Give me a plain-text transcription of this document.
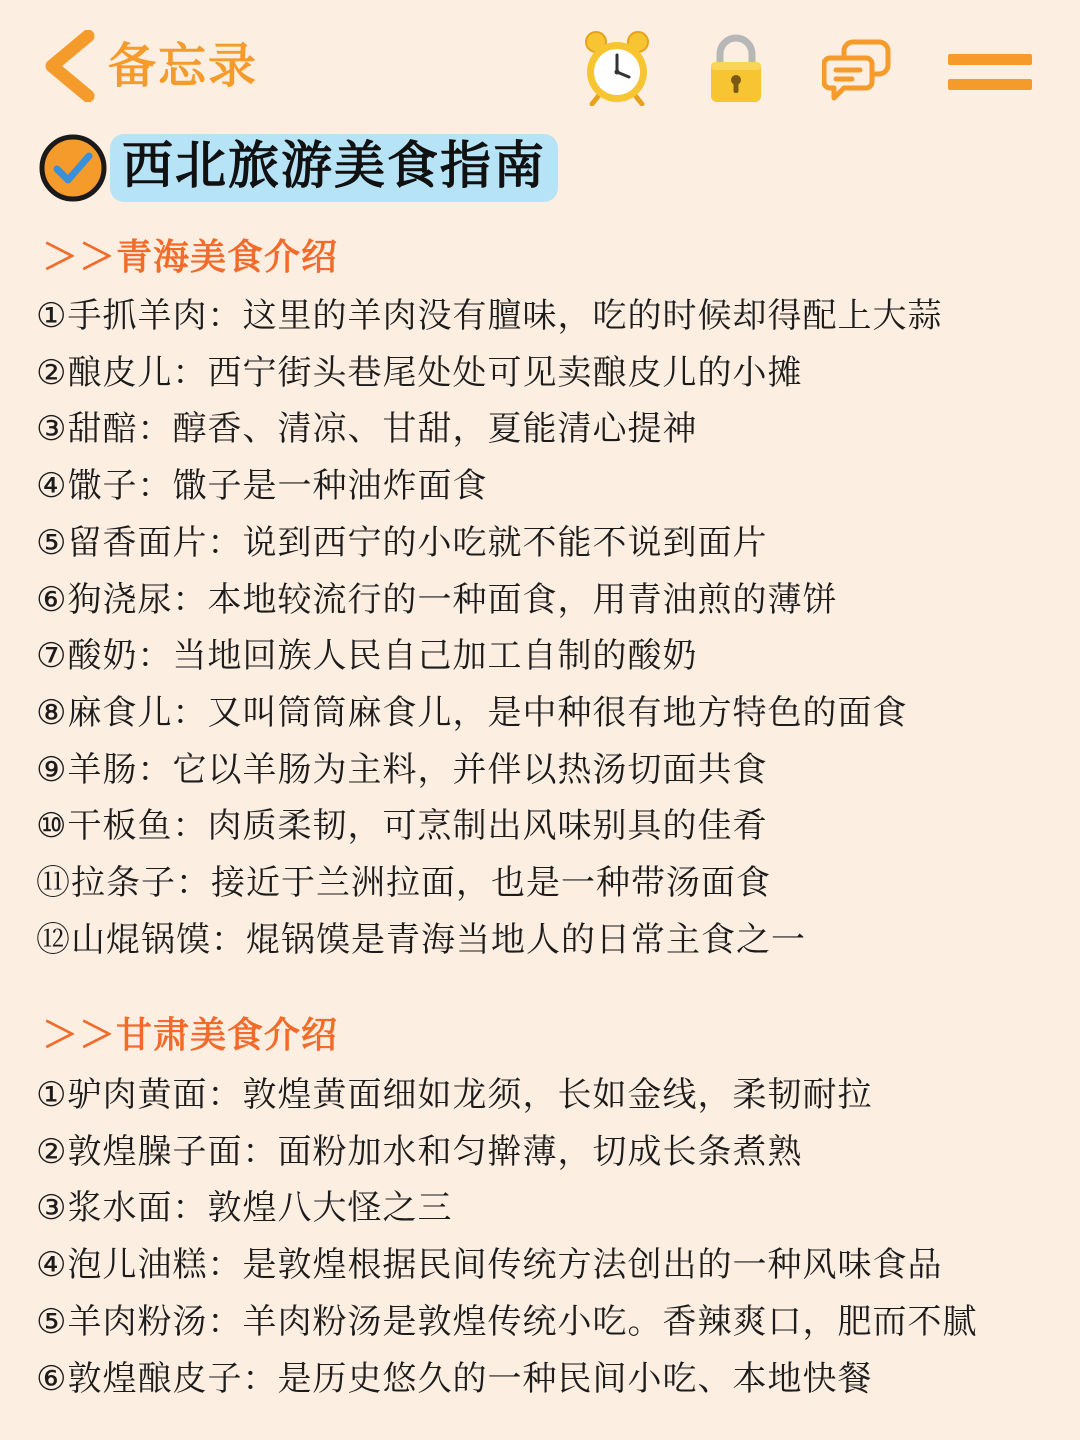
备忘录
西北旅游美食指南
＞＞青海美食介绍
①手抓羊肉：这里的羊肉没有膻味，吃的时候却得配上大蒜
②酿皮儿：西宁街头巷尾处处可见卖酿皮儿的小摊
③甜醅：醇香、清凉、甘甜，夏能清心提神
④馓子：馓子是一种油炸面食
⑤留香面片：说到西宁的小吃就不能不说到面片
⑥狗浇尿：本地较流行的一种面食，用青油煎的薄饼
⑦酸奶：当地回族人民自己加工自制的酸奶
⑧麻食儿：又叫筒筒麻食儿，是中种很有地方特色的面食
⑨羊肠：它以羊肠为主料，并伴以热汤切面共食
⑩干板鱼：肉质柔韧，可烹制出风味别具的佳肴
⑪拉条子：接近于兰洲拉面，也是一种带汤面食
⑫山焜锅馍：焜锅馍是青海当地人的日常主食之一
＞＞甘肃美食介绍
①驴肉黄面：敦煌黄面细如龙须，长如金线，柔韧耐拉
②敦煌臊子面：面粉加水和匀擀薄，切成长条煮熟
③浆水面：敦煌八大怪之三
④泡儿油糕：是敦煌根据民间传统方法创出的一种风味食品
⑤羊肉粉汤：羊肉粉汤是敦煌传统小吃。香辣爽口，肥而不腻
⑥敦煌酿皮子：是历史悠久的一种民间小吃、本地快餐
